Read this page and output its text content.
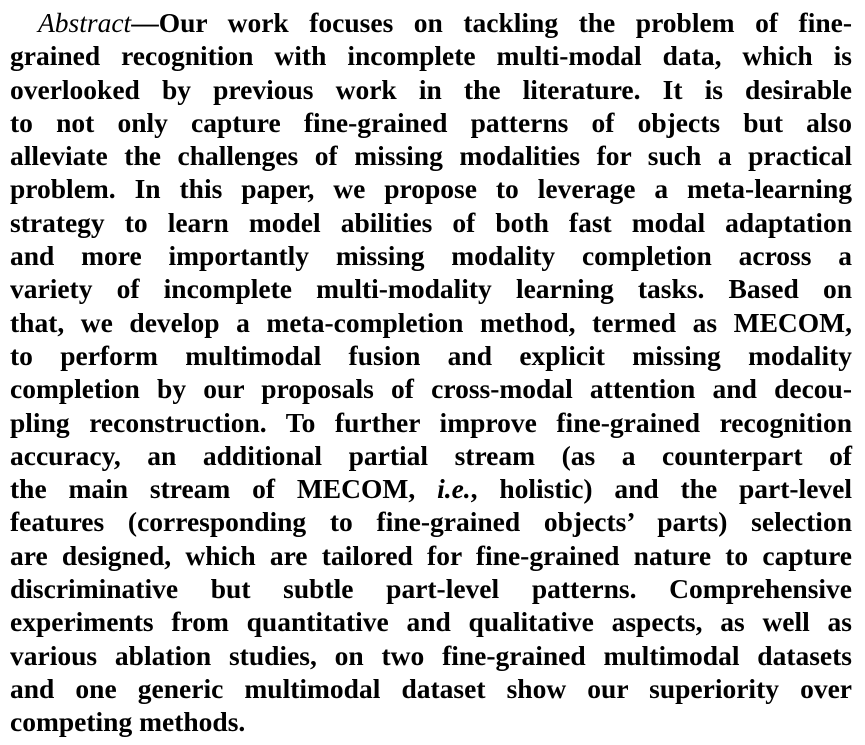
Abstract—Our work focuses on tackling the problem of fine-
grained recognition with incomplete multi-modal data, which is
overlooked by previous work in the literature. It is desirable
to not only capture fine-grained patterns of objects but also
alleviate the challenges of missing modalities for such a practical
problem. In this paper, we propose to leverage a meta-learning
strategy to learn model abilities of both fast modal adaptation
and more importantly missing modality completion across a
variety of incomplete multi-modality learning tasks. Based on
that, we develop a meta-completion method, termed as MECOM,
to perform multimodal fusion and explicit missing modality
completion by our proposals of cross-modal attention and decou-
pling reconstruction. To further improve fine-grained recognition
accuracy, an additional partial stream (as a counterpart of
the main stream of MECOM, i.e., holistic) and the part-level
features (corresponding to fine-grained objects’ parts) selection
are designed, which are tailored for fine-grained nature to capture
discriminative but subtle part-level patterns. Comprehensive
experiments from quantitative and qualitative aspects, as well as
various ablation studies, on two fine-grained multimodal datasets
and one generic multimodal dataset show our superiority over
competing methods.
